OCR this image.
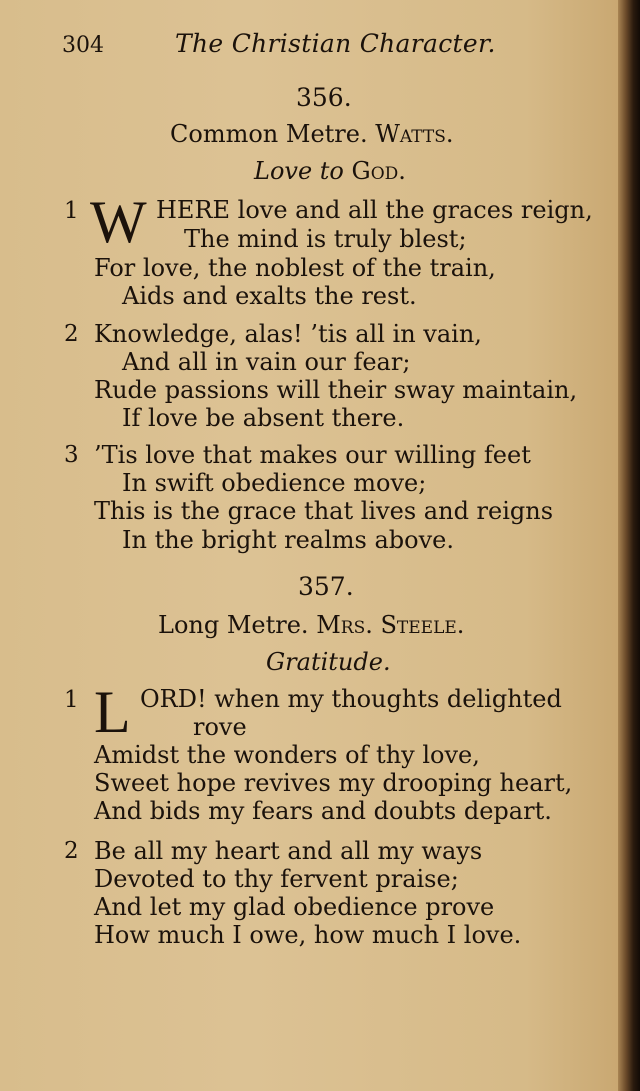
304	The Christian Character.
356.
Common Metre. Watts.
Love to God.
1 W HERE love and all the graces reign,
The mind is truly blest;
For love, the noblest of the train,
Aids and exalts the rest.
2 Knowledge, alas! ’tis all in vain,
And all in vain our fear;
Rude passions will their sway maintain,
If love be absent there.
3 ’Tis love that makes our willing feet
In swift obedience move;
This is the grace that lives and reigns
In the bright realms above.
357.
Long Metre. Mrs. Steele.
Gratitude.
1 L ORD! when my thoughts delighted
rove
Amidst the wonders of thy love,
Sweet hope revives my drooping heart,
And bids my fears and doubts depart.
2 Be all my heart and all my ways
Devoted to thy fervent praise;
And let my glad obedience prove
How much I owe, how much I love.
